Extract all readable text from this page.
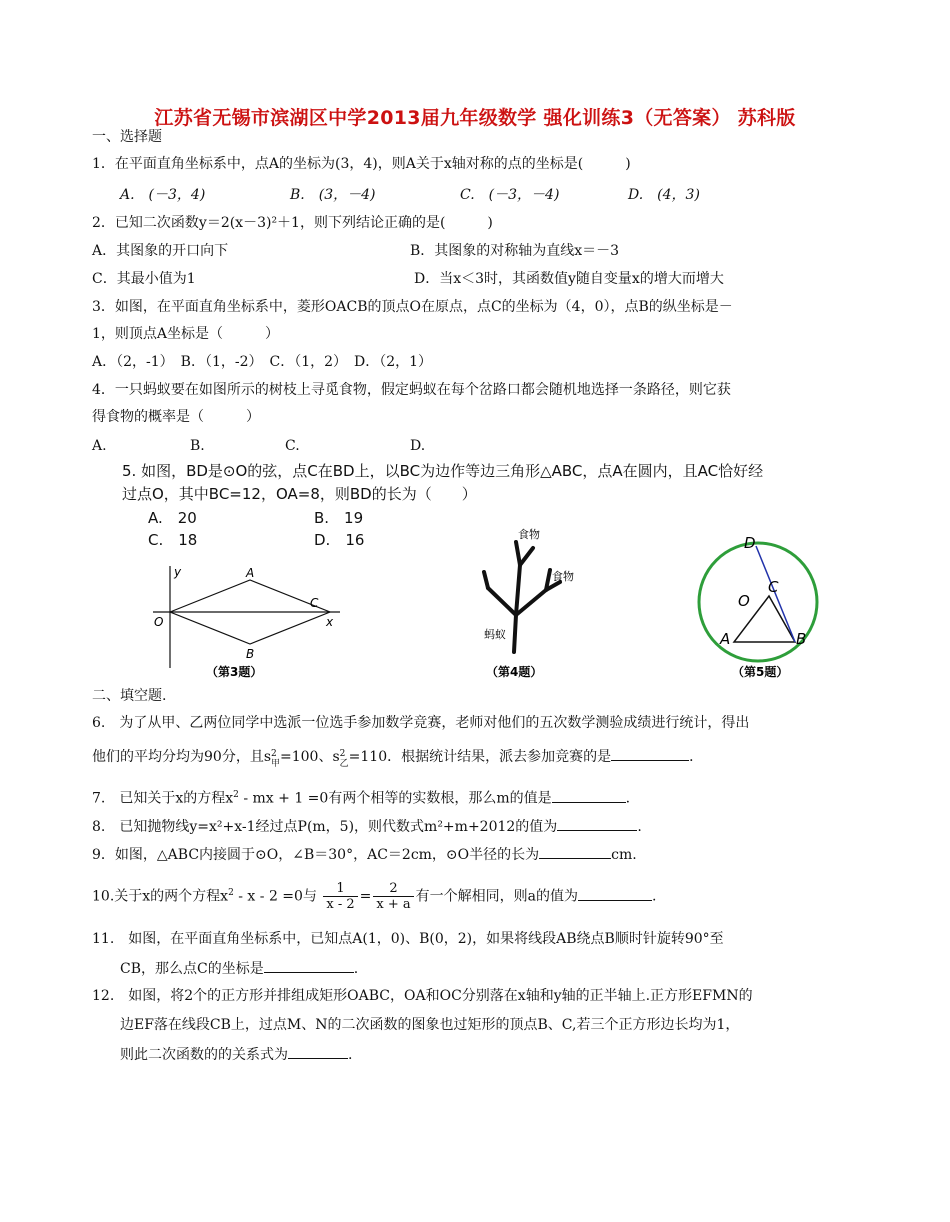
江苏省无锡市滨湖区中学2013届九年级数学 强化训练3（无答案） 苏科版
一、选择题
1．在平面直角坐标系中，点A的坐标为(3，4)，则A关于x轴对称的点的坐标是(　　　)
A.　(－3，4)	B.　(3，－4)	C.　(－3，－4)	D.　(4，3)
2．已知二次函数y＝2(x－3)²＋1，则下列结论正确的是(　　　)
A．其图象的开口向下	B．其图象的对称轴为直线x＝－3
C．其最小值为1	D．当x＜3时，其函数值y随自变量x的增大而增大
3．如图，在平面直角坐标系中，菱形OACB的顶点O在原点，点C的坐标为（4，0），点B的纵坐标是－
1，则顶点A坐标是（　　　）
A．（2，-1）　B．（1，-2）　C．（1，2）　D．（2，1）
4．一只蚂蚁要在如图所示的树枝上寻觅食物，假定蚂蚁在每个岔路口都会随机地选择一条路径，则它获
得食物的概率是（　　　）
A.	B.	C.	D.
5. 如图，BD是⊙O的弦，点C在BD上，以BC为边作等边三角形△ABC，点A在圆内，且AC恰好经
过点O，其中BC=12，OA=8，则BD的长为（　　）
A.　20	B.　19
C.　18	D.　16
y	A
B
C
O	x
（第3题）
食物
食物
蚂蚁
（第4题）
D
C
O
A	B
（第5题）
二、填空题.
6.　为了从甲、乙两位同学中选派一位选手参加数学竞赛，老师对他们的五次数学测验成绩进行统计，得出
他们的平均分均为90分，且s 2
甲=100、s 2
乙=110．根据统计结果，派去参加竞赛的是	．
7.　已知关于x的方程$x^2$ - mx + 1 =0有两个相等的实数根，那么m的值是	.
8.　已知抛物线y=x²+x-1经过点P(m，5)，则代数式m²+m+2012的值为	.
9．如图，△ABC内接圆于⊙O，∠B＝30°，AC＝2cm，⊙O半径的长为	cm.
10.关于x的两个方程$x^2 - x - 2 =0$与 $\frac{1}{x - 2} = \frac{2}{x + a}$ 有一个解相同，则a的值为	.
11.　如图，在平面直角坐标系中，已知点A(1，0)、B(0，2)，如果将线段AB绕点B顺时针旋转90°至
CB，那么点C的坐标是	.
12.　如图，将2个的正方形并排组成矩形OABC，OA和OC分别落在x轴和y轴的正半轴上.正方形EFMN的
边EF落在线段CB上，过点M、N的二次函数的图象也过矩形的顶点B、C,若三个正方形边长均为1，
则此二次函数的的关系式为	.
